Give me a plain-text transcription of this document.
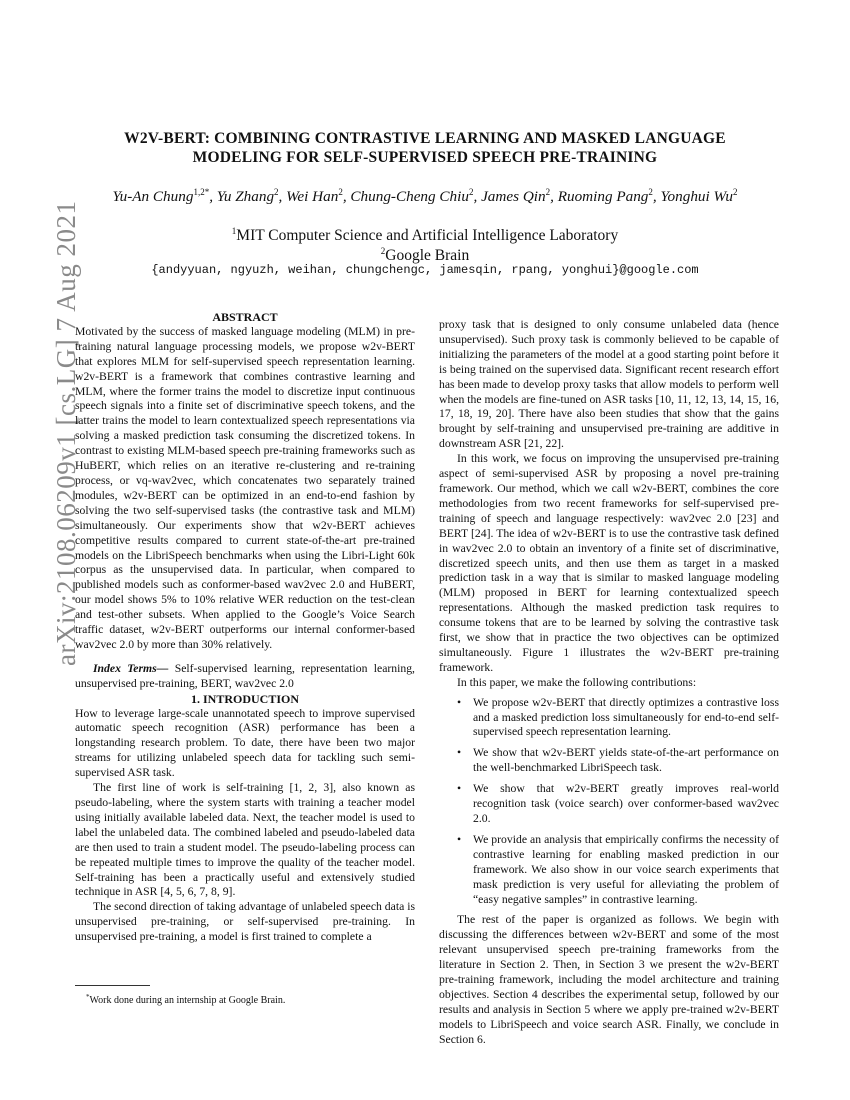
arXiv:2108.06209v1 [cs.LG] 7 Aug 2021
W2V-BERT: COMBINING CONTRASTIVE LEARNING AND MASKED LANGUAGE
MODELING FOR SELF-SUPERVISED SPEECH PRE-TRAINING
Yu-An Chung$^{1,2*}$, Yu Zhang$^2$, Wei Han$^2$, Chung-Cheng Chiu$^2$, James Qin$^2$, Ruoming Pang$^2$, Yonghui Wu$^2$
$^1$MIT Computer Science and Artificial Intelligence Laboratory
$^2$Google Brain
{andyyuan, ngyuzh, weihan, chungchengc, jamesqin, rpang, yonghui}@google.com

ABSTRACT

Motivated by the success of masked language modeling (MLM) in pre-training natural language processing models, we propose w2v-BERT that explores MLM for self-supervised speech representation learning. w2v-BERT is a framework that combines contrastive learning and MLM, where the former trains the model to discretize input continuous speech signals into a finite set of discriminative speech tokens, and the latter trains the model to learn contextualized speech representations via solving a masked prediction task consuming the discretized tokens. In contrast to existing MLM-based speech pre-training frameworks such as HuBERT, which relies on an iterative re-clustering and re-training process, or vq-wav2vec, which concatenates two separately trained modules, w2v-BERT can be optimized in an end-to-end fashion by solving the two self-supervised tasks (the contrastive task and MLM) simultaneously. Our experiments show that w2v-BERT achieves competitive results compared to current state-of-the-art pre-trained models on the LibriSpeech benchmarks when using the Libri-Light 60k corpus as the unsupervised data. In particular, when compared to published models such as conformer-based wav2vec 2.0 and HuBERT, our model shows 5% to 10% relative WER reduction on the test-clean and test-other subsets. When applied to the Google’s Voice Search traffic dataset, w2v-BERT outperforms our internal conformer-based wav2vec 2.0 by more than 30% relatively.

Index Terms— Self-supervised learning, representation learning, unsupervised pre-training, BERT, wav2vec 2.0

1. INTRODUCTION

How to leverage large-scale unannotated speech to improve supervised automatic speech recognition (ASR) performance has been a longstanding research problem. To date, there have been two major streams for utilizing unlabeled speech data for tackling such semi-supervised ASR task.

The first line of work is self-training [1, 2, 3], also known as pseudo-labeling, where the system starts with training a teacher model using initially available labeled data. Next, the teacher model is used to label the unlabeled data. The combined labeled and pseudo-labeled data are then used to train a student model. The pseudo-labeling process can be repeated multiple times to improve the quality of the teacher model. Self-training has been a practically useful and extensively studied technique in ASR [4, 5, 6, 7, 8, 9].

The second direction of taking advantage of unlabeled speech data is unsupervised pre-training, or self-supervised pre-training. In unsupervised pre-training, a model is first trained to complete a

*Work done during an internship at Google Brain.

proxy task that is designed to only consume unlabeled data (hence unsupervised). Such proxy task is commonly believed to be capable of initializing the parameters of the model at a good starting point before it is being trained on the supervised data. Significant recent research effort has been made to develop proxy tasks that allow models to perform well when the models are fine-tuned on ASR tasks [10, 11, 12, 13, 14, 15, 16, 17, 18, 19, 20]. There have also been studies that show that the gains brought by self-training and unsupervised pre-training are additive in downstream ASR [21, 22].

In this work, we focus on improving the unsupervised pre-training aspect of semi-supervised ASR by proposing a novel pre-training framework. Our method, which we call w2v-BERT, combines the core methodologies from two recent frameworks for self-supervised pre-training of speech and language respectively: wav2vec 2.0 [23] and BERT [24]. The idea of w2v-BERT is to use the contrastive task defined in wav2vec 2.0 to obtain an inventory of a finite set of discriminative, discretized speech units, and then use them as target in a masked prediction task in a way that is similar to masked language modeling (MLM) proposed in BERT for learning contextualized speech representations. Although the masked prediction task requires to consume tokens that are to be learned by solving the contrastive task first, we show that in practice the two objectives can be optimized simultaneously. Figure 1 illustrates the w2v-BERT pre-training framework.

In this paper, we make the following contributions:

• We propose w2v-BERT that directly optimizes a contrastive loss and a masked prediction loss simultaneously for end-to-end self-supervised speech representation learning.
• We show that w2v-BERT yields state-of-the-art performance on the well-benchmarked LibriSpeech task.
• We show that w2v-BERT greatly improves real-world recognition task (voice search) over conformer-based wav2vec 2.0.
• We provide an analysis that empirically confirms the necessity of contrastive learning for enabling masked prediction in our framework. We also show in our voice search experiments that mask prediction is very useful for alleviating the problem of “easy negative samples” in contrastive learning.

The rest of the paper is organized as follows. We begin with discussing the differences between w2v-BERT and some of the most relevant unsupervised speech pre-training frameworks from the literature in Section 2. Then, in Section 3 we present the w2v-BERT pre-training framework, including the model architecture and training objectives. Section 4 describes the experimental setup, followed by our results and analysis in Section 5 where we apply pre-trained w2v-BERT models to LibriSpeech and voice search ASR. Finally, we conclude in Section 6.
